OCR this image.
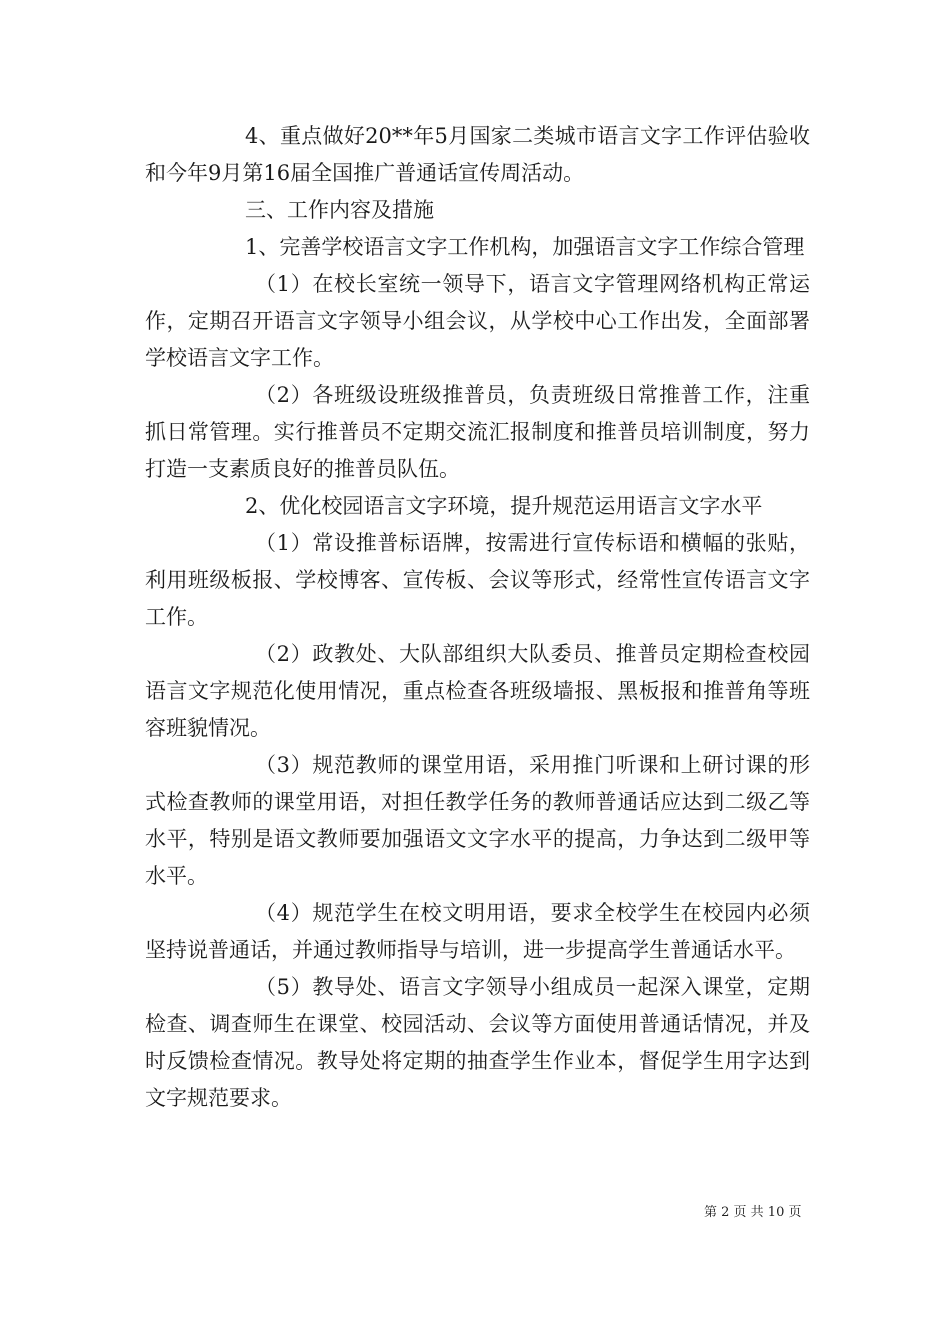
4、重点做好20**年5月国家二类城市语言文字工作评估验收和今年9月第16届全国推广普通话宣传周活动。

三、工作内容及措施

1、完善学校语言文字工作机构，加强语言文字工作综合管理

（1）在校长室统一领导下，语言文字管理网络机构正常运作，定期召开语言文字领导小组会议，从学校中心工作出发，全面部署学校语言文字工作。

（2）各班级设班级推普员，负责班级日常推普工作，注重抓日常管理。实行推普员不定期交流汇报制度和推普员培训制度，努力打造一支素质良好的推普员队伍。

2、优化校园语言文字环境，提升规范运用语言文字水平

（1）常设推普标语牌，按需进行宣传标语和横幅的张贴，利用班级板报、学校博客、宣传板、会议等形式，经常性宣传语言文字工作。

（2）政教处、大队部组织大队委员、推普员定期检查校园语言文字规范化使用情况，重点检查各班级墙报、黑板报和推普角等班容班貌情况。

（3）规范教师的课堂用语，采用推门听课和上研讨课的形式检查教师的课堂用语，对担任教学任务的教师普通话应达到二级乙等水平，特别是语文教师要加强语文文字水平的提高，力争达到二级甲等水平。

（4）规范学生在校文明用语，要求全校学生在校园内必须坚持说普通话，并通过教师指导与培训，进一步提高学生普通话水平。

（5）教导处、语言文字领导小组成员一起深入课堂，定期检查、调查师生在课堂、校园活动、会议等方面使用普通话情况，并及时反馈检查情况。教导处将定期的抽查学生作业本，督促学生用字达到文字规范要求。

第 2 页 共 10 页
